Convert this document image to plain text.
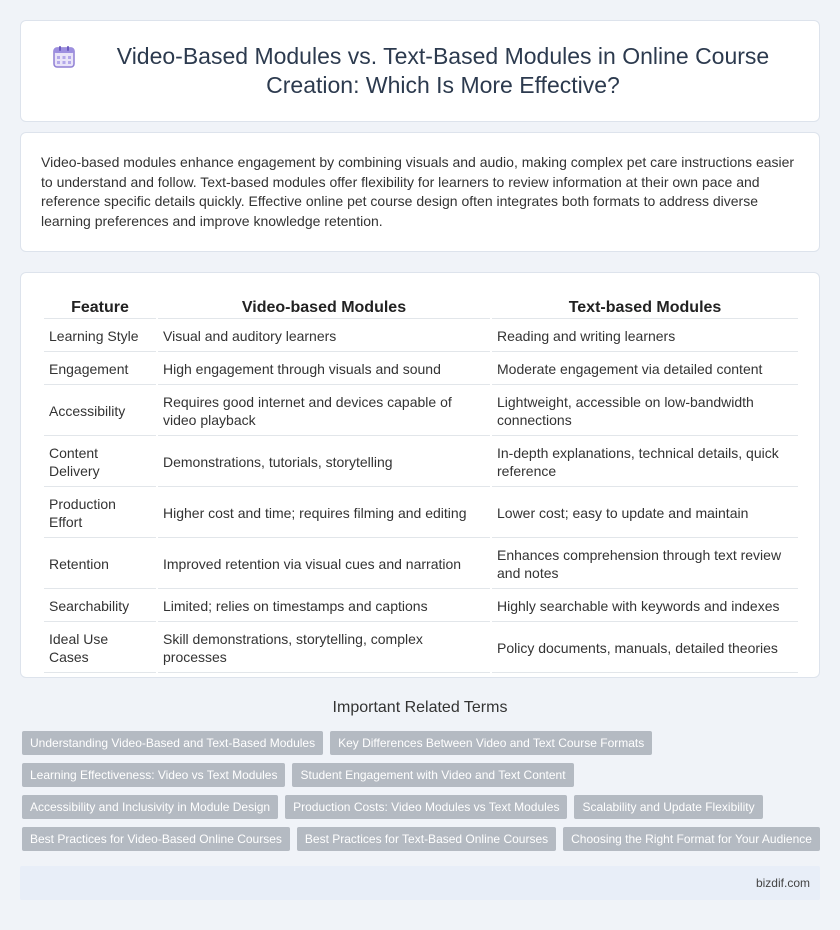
Video-Based Modules vs. Text-Based Modules in Online Course Creation: Which Is More Effective?

Video-based modules enhance engagement by combining visuals and audio, making complex pet care instructions easier to understand and follow. Text-based modules offer flexibility for learners to review information at their own pace and reference specific details quickly. Effective online pet course design often integrates both formats to address diverse learning preferences and improve knowledge retention.

Feature	Video-based Modules	Text-based Modules
Learning Style	Visual and auditory learners	Reading and writing learners
Engagement	High engagement through visuals and sound	Moderate engagement via detailed content
Accessibility	Requires good internet and devices capable of video playback	Lightweight, accessible on low-bandwidth connections
Content Delivery	Demonstrations, tutorials, storytelling	In-depth explanations, technical details, quick reference
Production Effort	Higher cost and time; requires filming and editing	Lower cost; easy to update and maintain
Retention	Improved retention via visual cues and narration	Enhances comprehension through text review and notes
Searchability	Limited; relies on timestamps and captions	Highly searchable with keywords and indexes
Ideal Use Cases	Skill demonstrations, storytelling, complex processes	Policy documents, manuals, detailed theories
Important Related Terms
Understanding Video-Based and Text-Based Modules	Key Differences Between Video and Text Course Formats
Learning Effectiveness: Video vs Text Modules	Student Engagement with Video and Text Content
Accessibility and Inclusivity in Module Design	Production Costs: Video Modules vs Text Modules	Scalability and Update Flexibility
Best Practices for Video-Based Online Courses	Best Practices for Text-Based Online Courses	Choosing the Right Format for Your Audience
bizdif.com
